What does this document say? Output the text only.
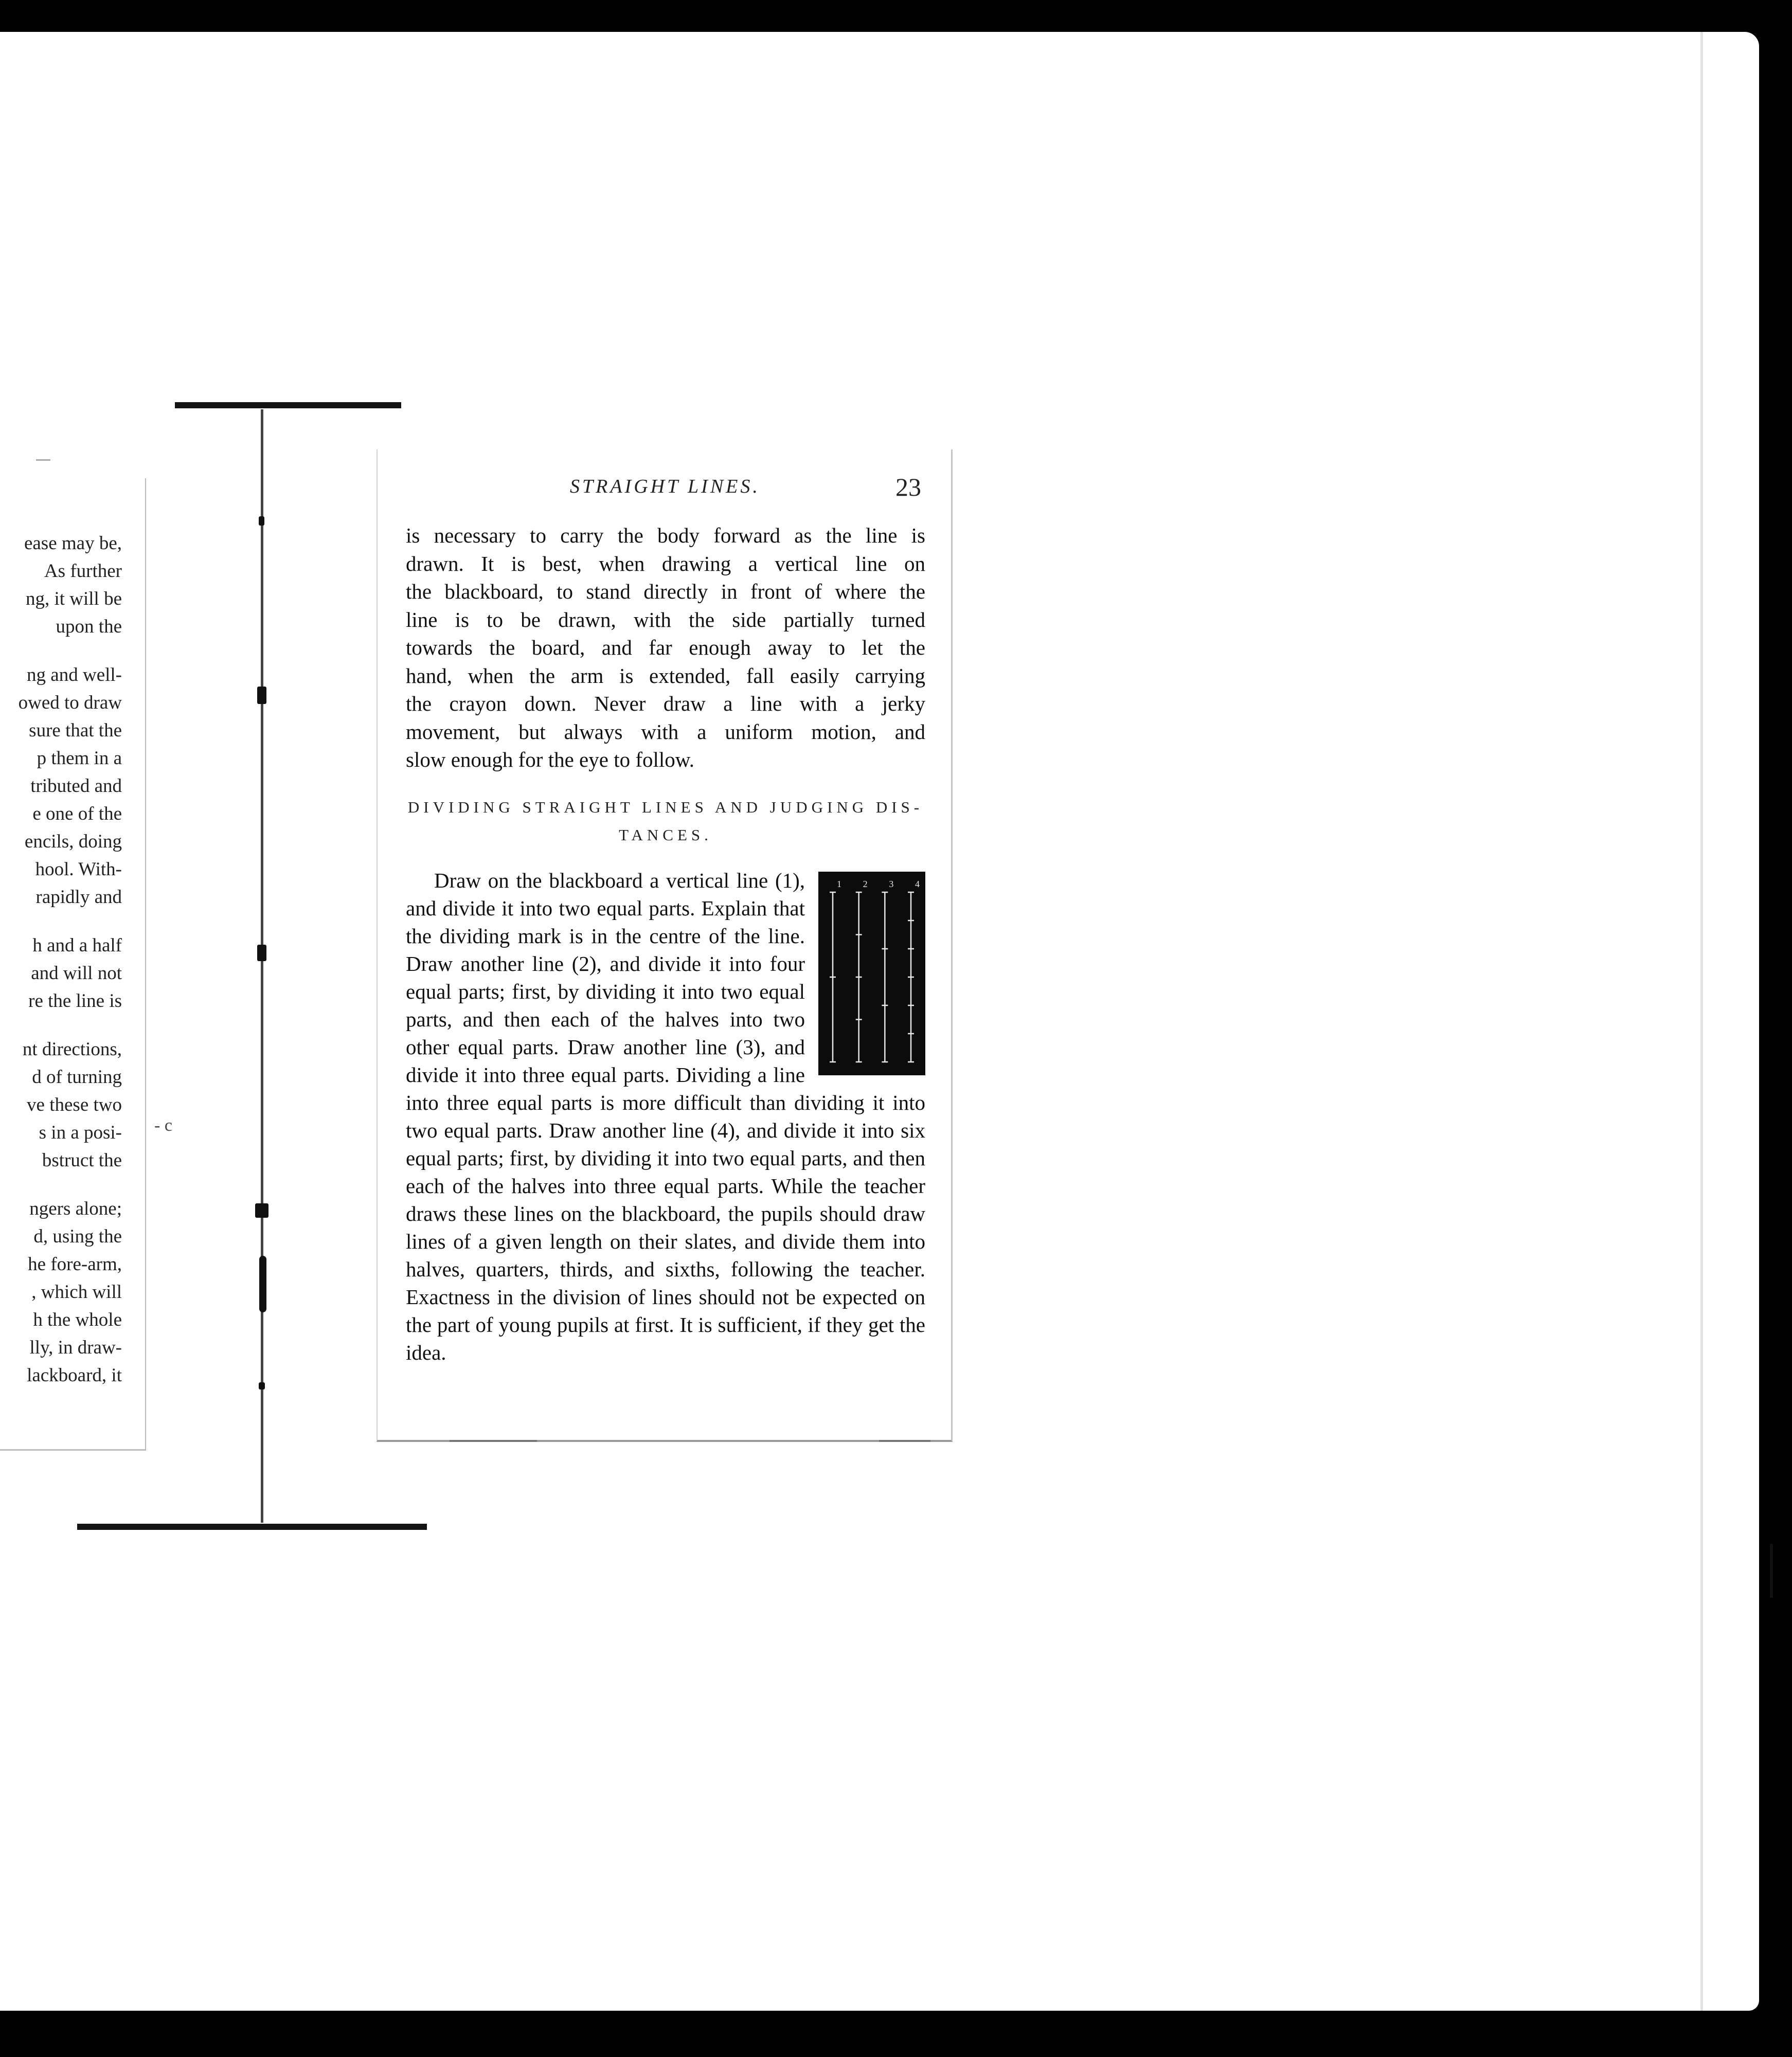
ease may be,

As further

ng, it will be

upon the

ng and well-

owed to draw

sure that the

p them in a

tributed and

e one of the

encils, doing

hool. With-

rapidly and

h and a half

and will not

re the line is

nt directions,

d of turning

ve these two

s in a posi-

bstruct the

ngers alone;

d, using the

he fore-arm,

, which will

h the whole

lly, in draw-

lackboard, it

- c
STRAIGHT LINES.	23

is necessary to carry the body forward as the line is

drawn. It is best, when drawing a vertical line on

the blackboard, to stand directly in front of where the

line is to be drawn, with the side partially turned

towards the board, and far enough away to let the

hand, when the arm is extended, fall easily carrying

the crayon down. Never draw a line with a jerky

movement, but always with a uniform motion, and

slow enough for the eye to follow.

DIVIDING STRAIGHT LINES AND JUDGING DIS-
TANCES.
1 2 3 4

Draw on the blackboard a vertical line (1), and divide it into two equal parts. Explain that the dividing mark is in the centre of the line. Draw another line (2), and divide it into four equal parts; first, by dividing it into two equal parts, and then each of the halves into two other equal parts. Draw another line (3), and divide it into three equal parts. Dividing a line into three equal parts is more difficult than dividing it into two equal parts. Draw another line (4), and divide it into six equal parts; first, by dividing it into two equal parts, and then each of the halves into three equal parts. While the teacher draws these lines on the blackboard, the pupils should draw lines of a given length on their slates, and divide them into halves, quarters, thirds, and sixths, following the teacher. Exactness in the division of lines should not be expected on the part of young pupils at first. It is sufficient, if they get the idea.
